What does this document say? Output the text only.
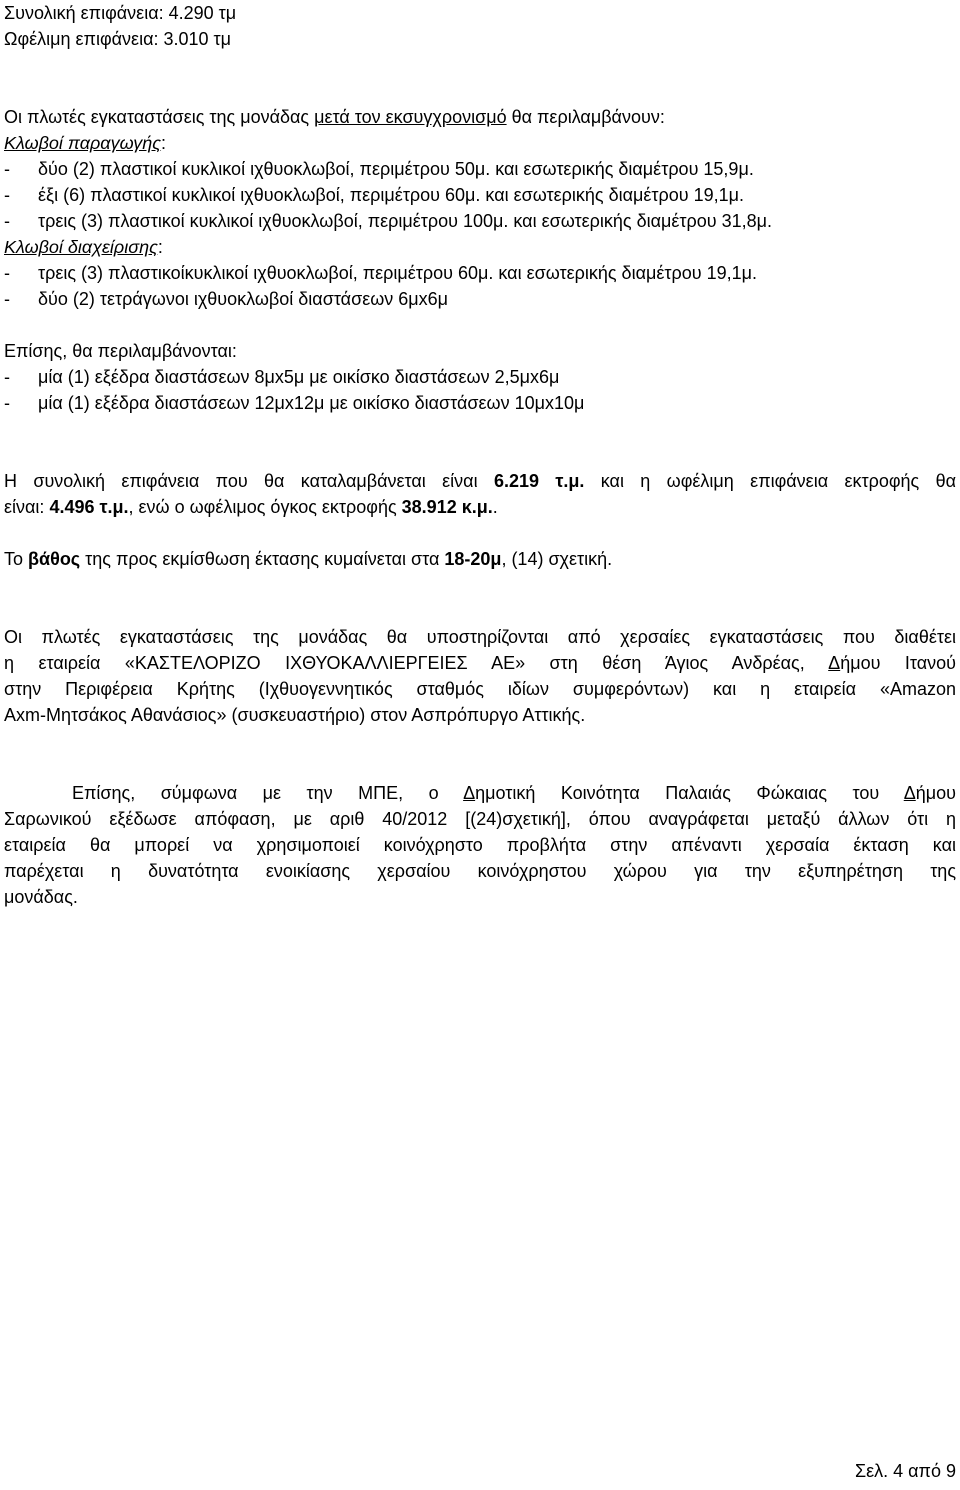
Συνολική επιφάνεια: 4.290 τμ
Ωφέλιμη επιφάνεια: 3.010 τμ
Οι πλωτές εγκαταστάσεις της μονάδας μετά τον εκσυγχρονισμό θα περιλαμβάνουν:
Κλωβοί παραγωγής:
- δύο (2) πλαστικοί κυκλικοί ιχθυοκλωβοί, περιμέτρου 50μ. και εσωτερικής διαμέτρου 15,9μ.
- έξι (6) πλαστικοί κυκλικοί ιχθυοκλωβοί, περιμέτρου 60μ. και εσωτερικής διαμέτρου 19,1μ.
- τρεις (3) πλαστικοί κυκλικοί ιχθυοκλωβοί, περιμέτρου 100μ. και εσωτερικής διαμέτρου 31,8μ.
Κλωβοί διαχείρισης:
- τρεις (3) πλαστικοίκυκλικοί ιχθυοκλωβοί, περιμέτρου 60μ. και εσωτερικής διαμέτρου 19,1μ.
- δύο (2) τετράγωνοι ιχθυοκλωβοί διαστάσεων 6μx6μ
Επίσης, θα περιλαμβάνονται:
- μία (1) εξέδρα διαστάσεων 8μx5μ με οικίσκο διαστάσεων 2,5μx6μ
- μία (1) εξέδρα διαστάσεων 12μx12μ με οικίσκο διαστάσεων 10μx10μ
Η συνολική επιφάνεια που θα καταλαμβάνεται είναι 6.219 τ.μ. και η ωφέλιμη επιφάνεια εκτροφής θα
είναι: 4.496 τ.μ., ενώ ο ωφέλιμος όγκος εκτροφής 38.912 κ.μ..
Το βάθος της προς εκμίσθωση έκτασης κυμαίνεται στα 18-20μ, (14) σχετική.
Οι πλωτές εγκαταστάσεις της μονάδας θα υποστηρίζονται από χερσαίες εγκαταστάσεις που διαθέτει
η εταιρεία «ΚΑΣΤΕΛΟΡΙΖΟ ΙΧΘΥΟΚΑΛΛΙΕΡΓΕΙΕΣ ΑΕ» στη θέση Άγιος Ανδρέας, Δήμου Ιτανού
στην Περιφέρεια Κρήτης (Ιχθυογεννητικός σταθμός ιδίων συμφερόντων) και η εταιρεία «Amazon
Axm-Μητσάκος Αθανάσιος» (συσκευαστήριο) στον Ασπρόπυργο Αττικής.
Επίσης, σύμφωνα με την ΜΠΕ, ο Δημοτική Κοινότητα Παλαιάς Φώκαιας του Δήμου
Σαρωνικού εξέδωσε απόφαση, με αριθ 40/2012 [(24)σχετική], όπου αναγράφεται μεταξύ άλλων ότι η
εταιρεία θα μπορεί να χρησιμοποιεί κοινόχρηστο προβλήτα στην απέναντι χερσαία έκταση και
παρέχεται η δυνατότητα ενοικίασης χερσαίου κοινόχρηστου χώρου για την εξυπηρέτηση της
μονάδας.
Σελ. 4 από 9
